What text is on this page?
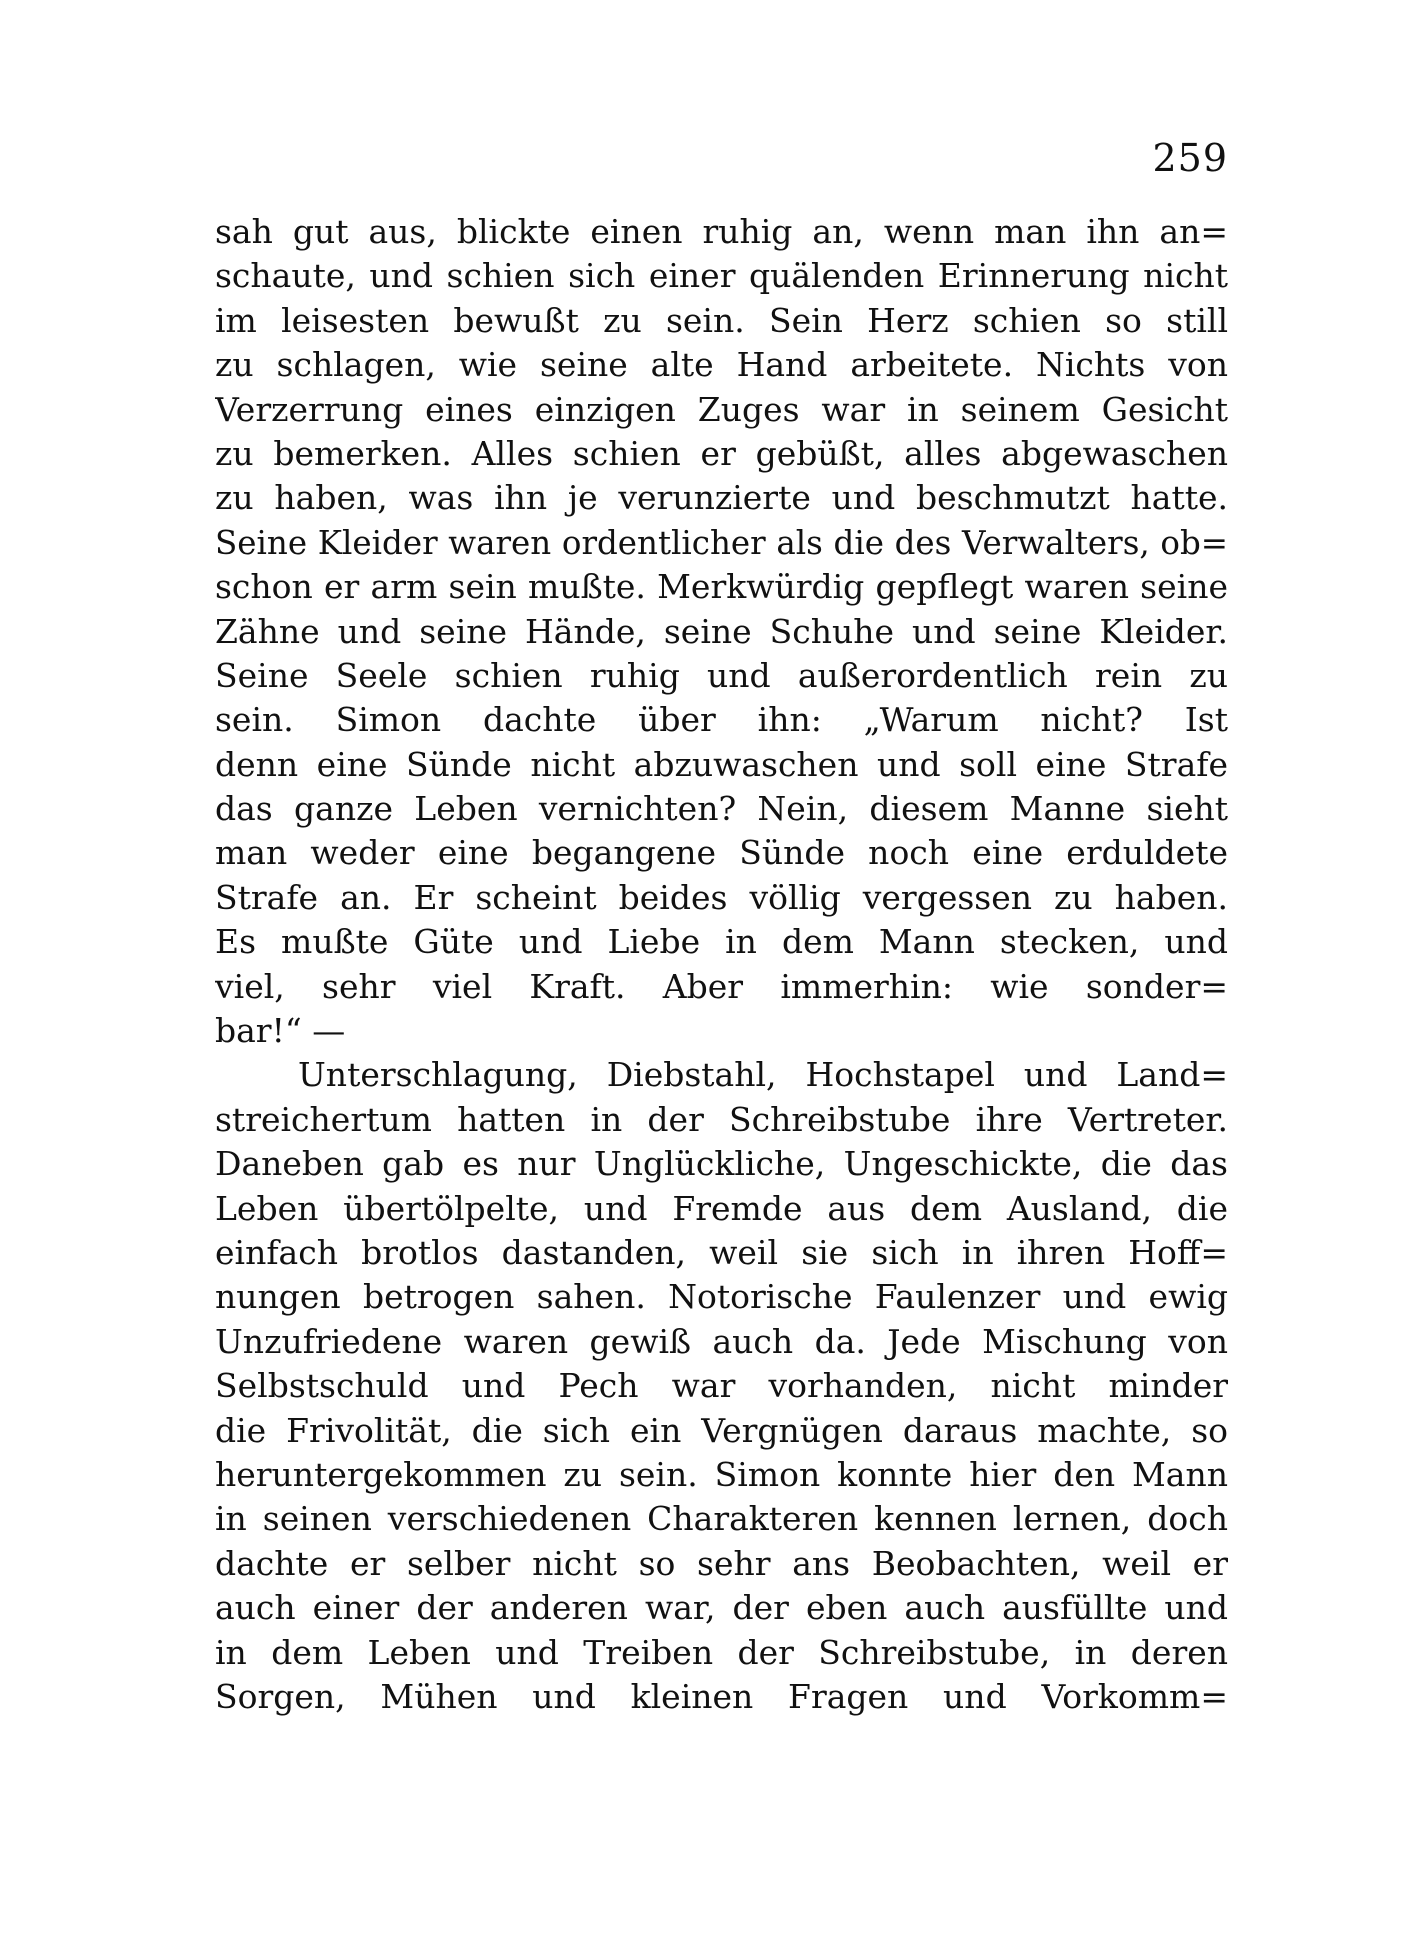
259
sah gut aus, blickte einen ruhig an, wenn man ihn an=
schaute, und schien sich einer quälenden Erinnerung nicht
im leisesten bewußt zu sein. Sein Herz schien so still
zu schlagen, wie seine alte Hand arbeitete. Nichts von
Verzerrung eines einzigen Zuges war in seinem Gesicht
zu bemerken. Alles schien er gebüßt, alles abgewaschen
zu haben, was ihn je verunzierte und beschmutzt hatte.
Seine Kleider waren ordentlicher als die des Verwalters, ob=
schon er arm sein mußte. Merkwürdig gepflegt waren seine
Zähne und seine Hände, seine Schuhe und seine Kleider.
Seine Seele schien ruhig und außerordentlich rein zu
sein. Simon dachte über ihn: „Warum nicht? Ist
denn eine Sünde nicht abzuwaschen und soll eine Strafe
das ganze Leben vernichten? Nein, diesem Manne sieht
man weder eine begangene Sünde noch eine erduldete
Strafe an. Er scheint beides völlig vergessen zu haben.
Es mußte Güte und Liebe in dem Mann stecken, und
viel, sehr viel Kraft. Aber immerhin: wie sonder=
bar!“ —
Unterschlagung, Diebstahl, Hochstapel und Land=
streichertum hatten in der Schreibstube ihre Vertreter.
Daneben gab es nur Unglückliche, Ungeschickte, die das
Leben übertölpelte, und Fremde aus dem Ausland, die
einfach brotlos dastanden, weil sie sich in ihren Hoff=
nungen betrogen sahen. Notorische Faulenzer und ewig
Unzufriedene waren gewiß auch da. Jede Mischung von
Selbstschuld und Pech war vorhanden, nicht minder
die Frivolität, die sich ein Vergnügen daraus machte, so
heruntergekommen zu sein. Simon konnte hier den Mann
in seinen verschiedenen Charakteren kennen lernen, doch
dachte er selber nicht so sehr ans Beobachten, weil er
auch einer der anderen war, der eben auch ausfüllte und
in dem Leben und Treiben der Schreibstube, in deren
Sorgen, Mühen und kleinen Fragen und Vorkomm=
